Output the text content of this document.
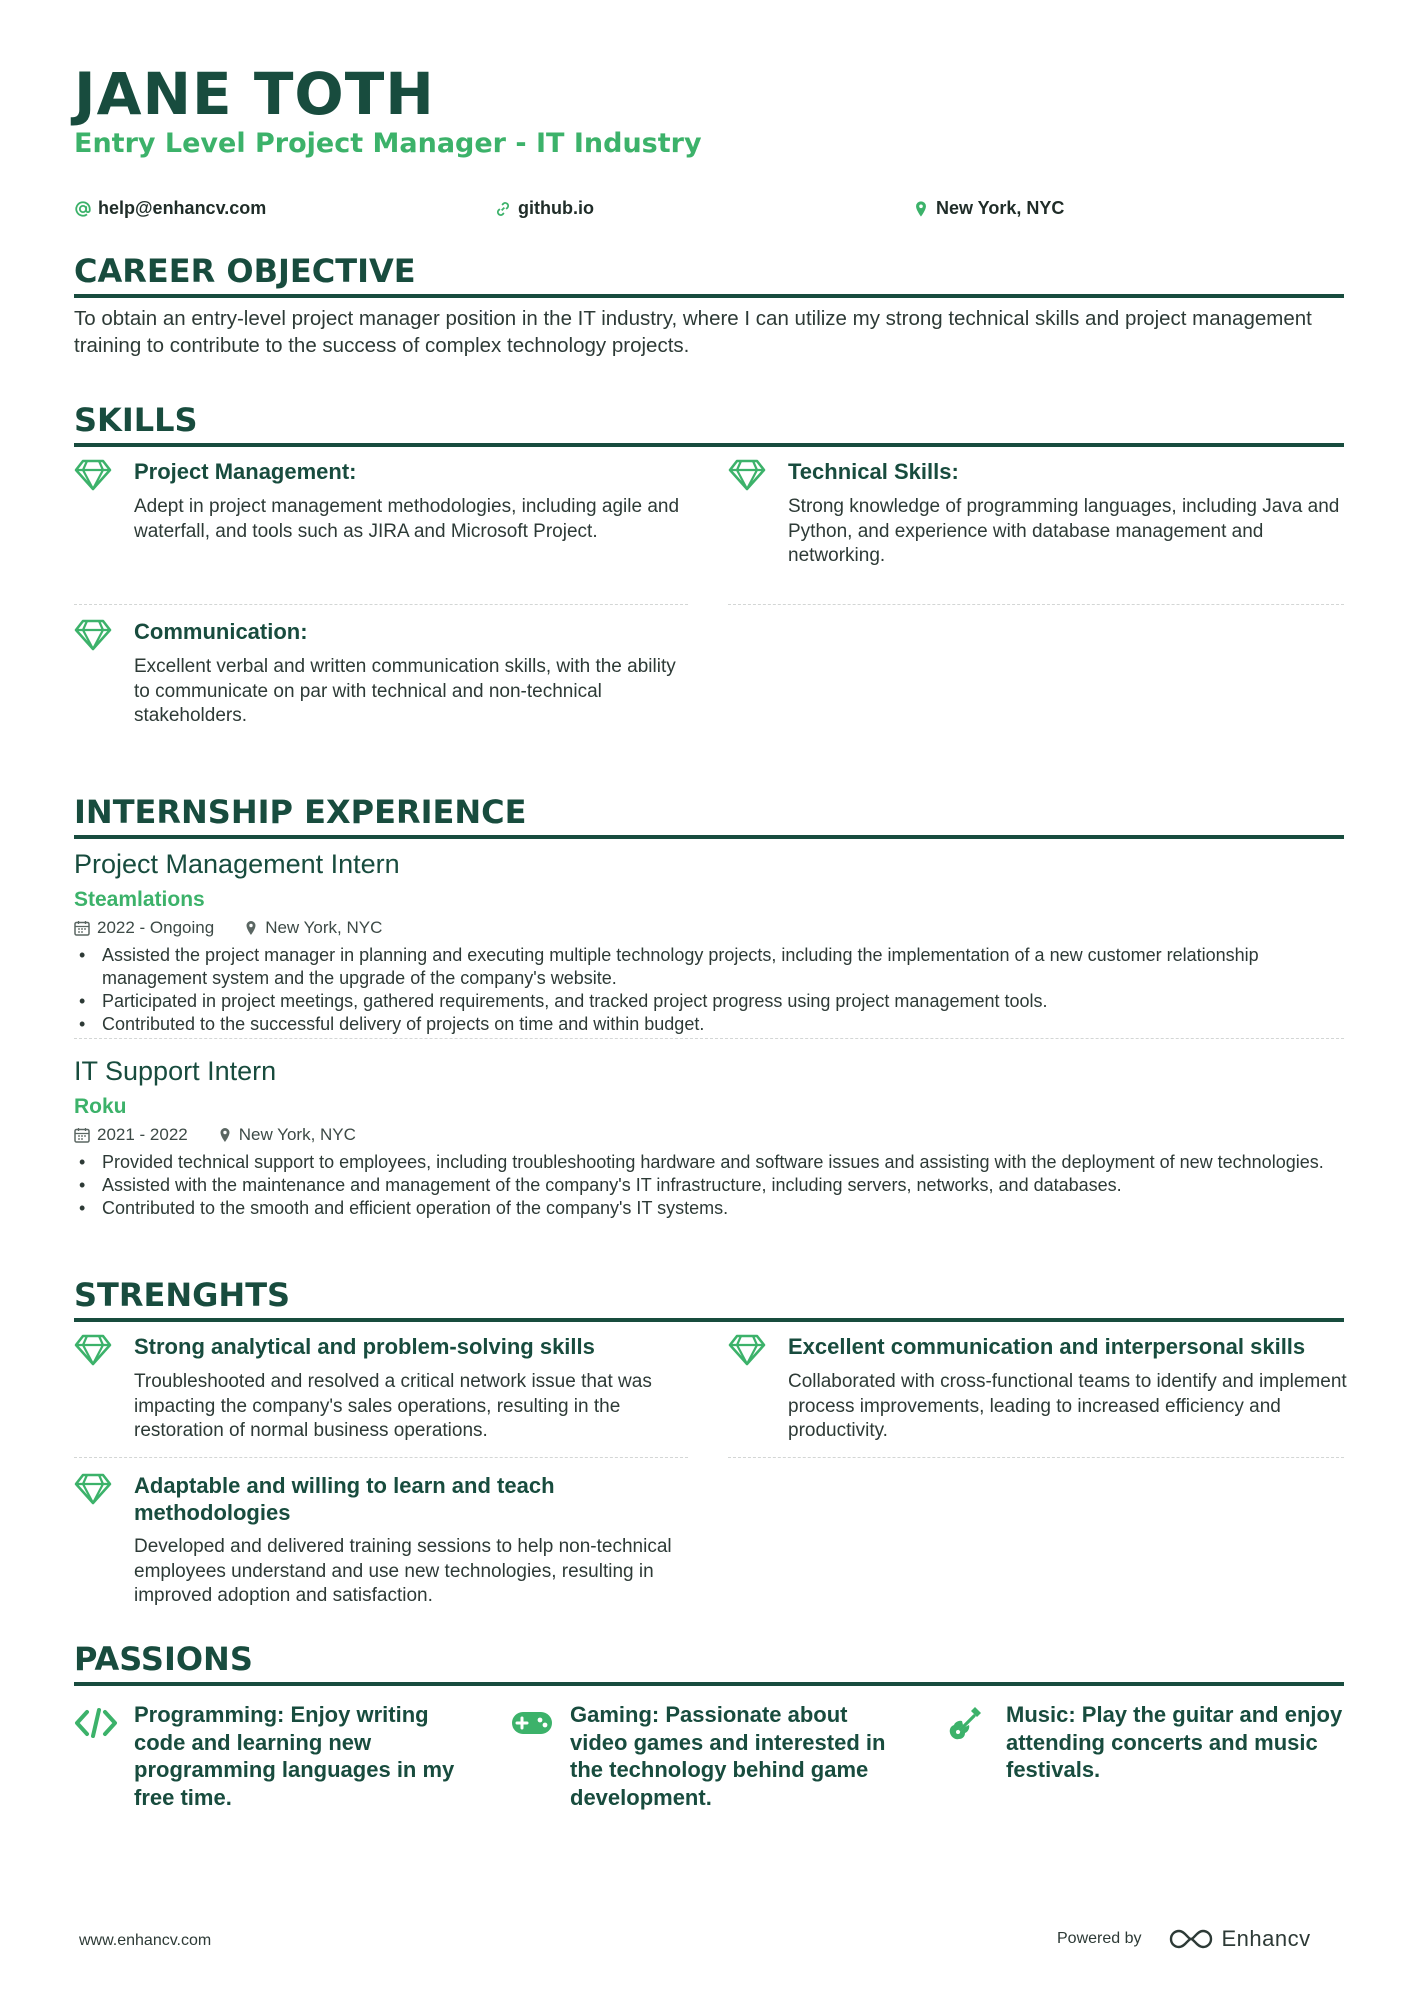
JANE TOTH
Entry Level Project Manager - IT Industry
help@enhancv.com	github.io	New York, NYC
CAREER OBJECTIVE
To obtain an entry-level project manager position in the IT industry, where I can utilize my strong technical skills and project management training to contribute to the success of complex technology projects.
SKILLS
Project Management:
Adept in project management methodologies, including agile and waterfall, and tools such as JIRA and Microsoft Project.
Technical Skills:
Strong knowledge of programming languages, including Java and Python, and experience with database management and networking.
Communication:
Excellent verbal and written communication skills, with the ability to communicate on par with technical and non-technical stakeholders.
INTERNSHIP EXPERIENCE
Project Management Intern
Steamlations
2022 - Ongoing	New York, NYC
• Assisted the project manager in planning and executing multiple technology projects, including the implementation of a new customer relationship management system and the upgrade of the company's website.
• Participated in project meetings, gathered requirements, and tracked project progress using project management tools.
• Contributed to the successful delivery of projects on time and within budget.
IT Support Intern
Roku
2021 - 2022	New York, NYC
• Provided technical support to employees, including troubleshooting hardware and software issues and assisting with the deployment of new technologies.
• Assisted with the maintenance and management of the company's IT infrastructure, including servers, networks, and databases.
• Contributed to the smooth and efficient operation of the company's IT systems.
STRENGHTS
Strong analytical and problem-solving skills
Troubleshooted and resolved a critical network issue that was impacting the company's sales operations, resulting in the restoration of normal business operations.
Excellent communication and interpersonal skills
Collaborated with cross-functional teams to identify and implement process improvements, leading to increased efficiency and productivity.
Adaptable and willing to learn and teach methodologies
Developed and delivered training sessions to help non-technical employees understand and use new technologies, resulting in improved adoption and satisfaction.
PASSIONS
Programming: Enjoy writing code and learning new programming languages in my free time.
Gaming: Passionate about video games and interested in the technology behind game development.
Music: Play the guitar and enjoy attending concerts and music festivals.
www.enhancv.com	Powered by	Enhancv
